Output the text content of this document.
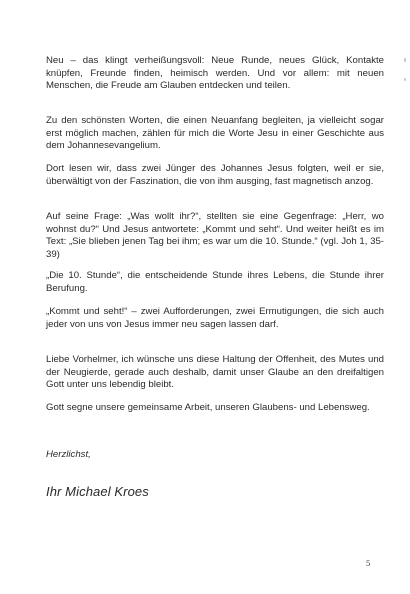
Neu – das klingt verheißungsvoll: Neue Runde, neues Glück, Kontakte knüpfen, Freunde finden, heimisch werden. Und vor allem: mit neuen Menschen, die Freude am Glauben entdecken und teilen.

Zu den schönsten Worten, die einen Neuanfang begleiten, ja vielleicht sogar erst möglich machen, zählen für mich die Worte Jesu in einer Geschichte aus dem Johannesevangelium.

Dort lesen wir, dass zwei Jünger des Johannes Jesus folgten, weil er sie, überwältigt von der Faszination, die von ihm ausging, fast magnetisch anzog.

Auf seine Frage: „Was wollt ihr?“, stellten sie eine Gegenfrage: „Herr, wo wohnst du?“ Und Jesus antwortete: „Kommt und seht“. Und weiter heißt es im Text: „Sie blieben jenen Tag bei ihm; es war um die 10. Stunde.“ (vgl. Joh 1, 35-39)

„Die 10. Stunde“, die entscheidende Stunde ihres Lebens, die Stunde ihrer Berufung.

„Kommt und seht!“ – zwei Aufforderungen, zwei Ermutigungen, die sich auch jeder von uns von Jesus immer neu sagen lassen darf.

Liebe Vorhelmer, ich wünsche uns diese Haltung der Offenheit, des Mutes und der Neugierde, gerade auch deshalb, damit unser Glaube an den dreifaltigen Gott unter uns lebendig bleibt.

Gott segne unsere gemeinsame Arbeit, unseren Glaubens- und Lebensweg.

Herzlichst,

Ihr Michael Kroes

5
